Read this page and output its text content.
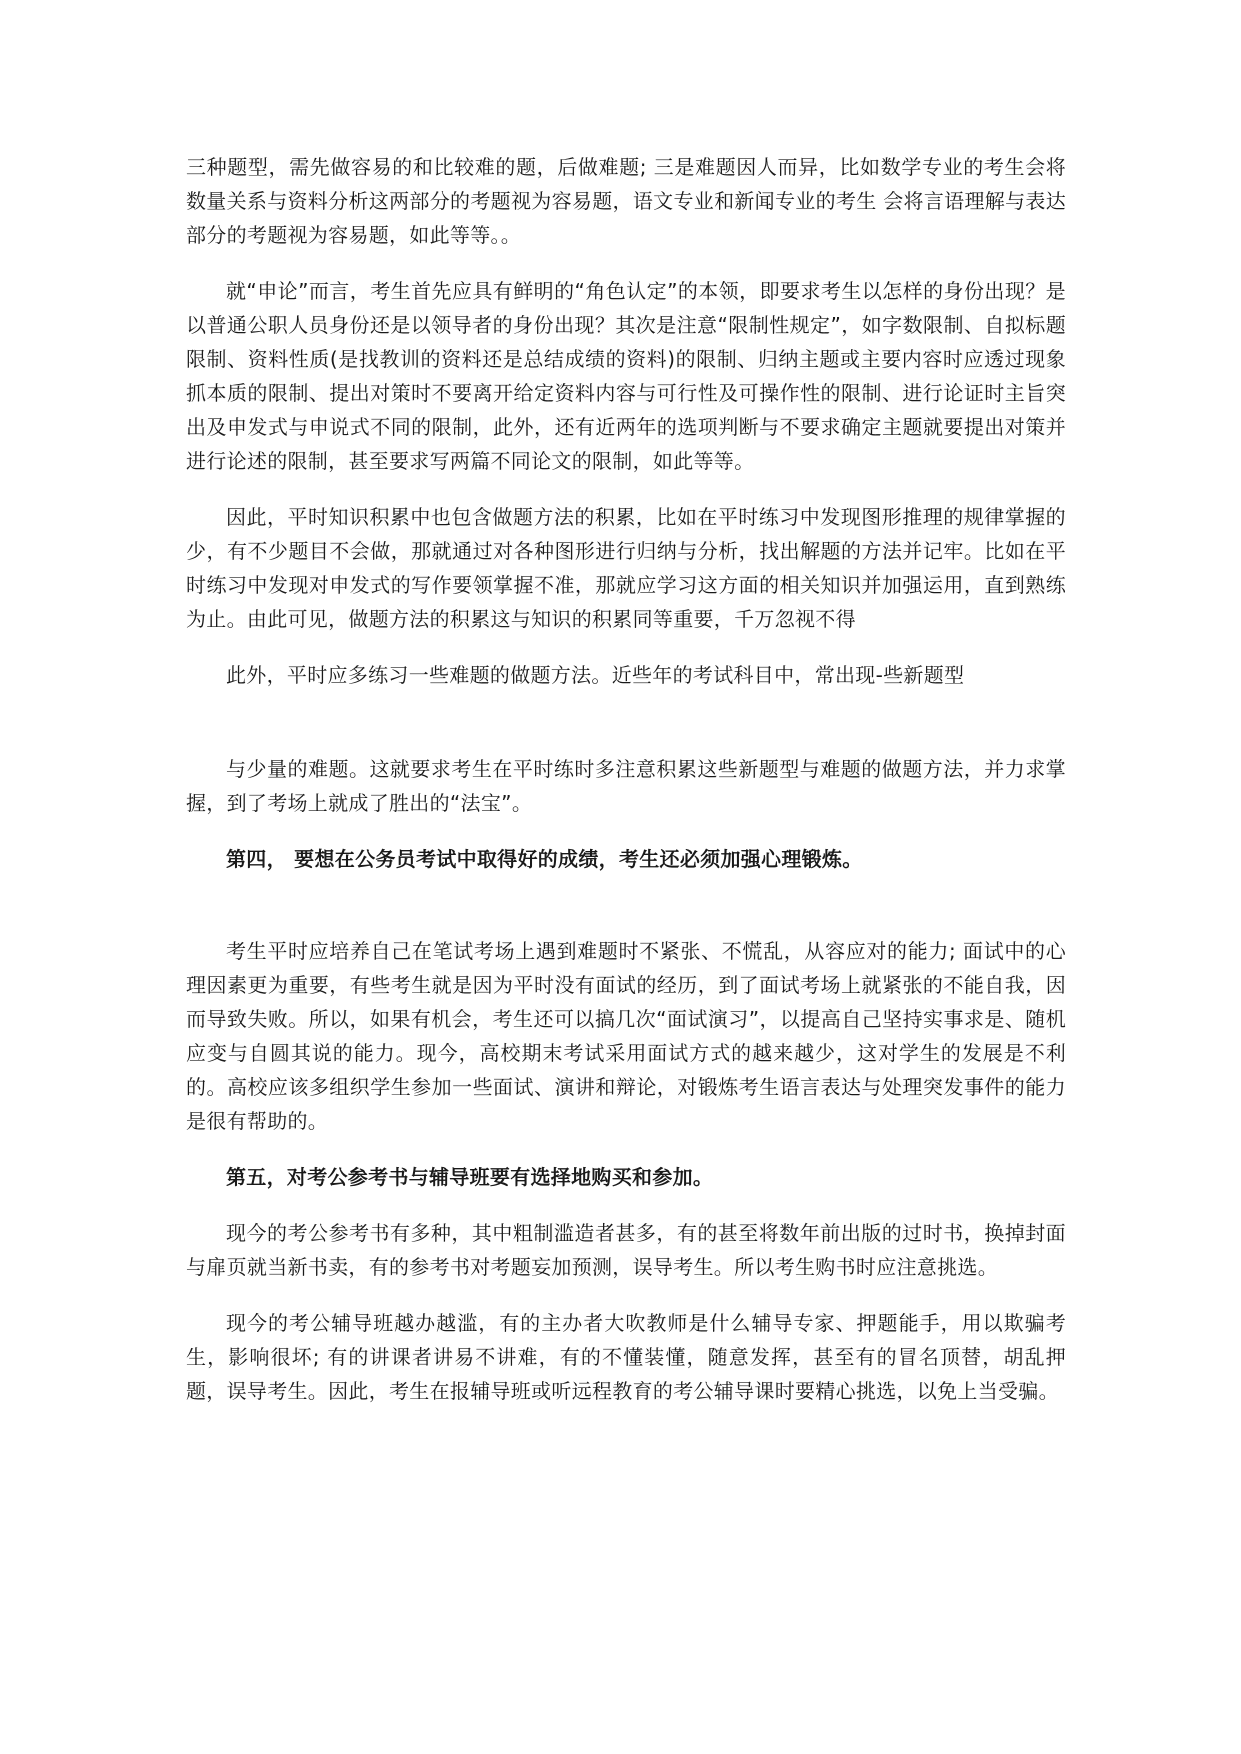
三种题型，需先做容易的和比较难的题，后做难题; 三是难题因人而异，比如数学专业的考生会将数量关系与资料分析这两部分的考题视为容易题，语文专业和新闻专业的考生 会将言语理解与表达部分的考题视为容易题，如此等等。。

就“申论”而言，考生首先应具有鲜明的“角色认定”的本领，即要求考生以怎样的身份出现？是以普通公职人员身份还是以领导者的身份出现？其次是注意“限制性规定”，如字数限制、自拟标题限制、资料性质(是找教训的资料还是总结成绩的资料)的限制、归纳主题或主要内容时应透过现象抓本质的限制、提出对策时不要离开给定资料内容与可行性及可操作性的限制、进行论证时主旨突出及申发式与申说式不同的限制，此外，还有近两年的选项判断与不要求确定主题就要提出对策并进行论述的限制，甚至要求写两篇不同论文的限制，如此等等。

因此，平时知识积累中也包含做题方法的积累，比如在平时练习中发现图形推理的规律掌握的少，有不少题目不会做，那就通过对各种图形进行归纳与分析，找出解题的方法并记牢。比如在平时练习中发现对申发式的写作要领掌握不准，那就应学习这方面的相关知识并加强运用，直到熟练为止。由此可见，做题方法的积累这与知识的积累同等重要，千万忽视不得

此外，平时应多练习一些难题的做题方法。近些年的考试科目中，常出现-些新题型

与少量的难题。这就要求考生在平时练时多注意积累这些新题型与难题的做题方法，并力求掌握，到了考场上就成了胜出的“法宝”。

第四， 要想在公务员考试中取得好的成绩，考生还必须加强心理锻炼。

考生平时应培养自己在笔试考场上遇到难题时不紧张、不慌乱，从容应对的能力; 面试中的心理因素更为重要，有些考生就是因为平时没有面试的经历，到了面试考场上就紧张的不能自我，因而导致失败。所以，如果有机会，考生还可以搞几次“面试演习”，以提高自己坚持实事求是、随机应变与自圆其说的能力。现今，高校期末考试采用面试方式的越来越少，这对学生的发展是不利的。高校应该多组织学生参加一些面试、演讲和辩论，对锻炼考生语言表达与处理突发事件的能力是很有帮助的。

第五，对考公参考书与辅导班要有选择地购买和参加。

现今的考公参考书有多种，其中粗制滥造者甚多，有的甚至将数年前出版的过时书，换掉封面与扉页就当新书卖，有的参考书对考题妄加预测，误导考生。所以考生购书时应注意挑选。

现今的考公辅导班越办越滥，有的主办者大吹教师是什么辅导专家、押题能手，用以欺骗考生，影响很坏; 有的讲课者讲易不讲难，有的不懂装懂，随意发挥，甚至有的冒名顶替，胡乱押题，误导考生。因此，考生在报辅导班或听远程教育的考公辅导课时要精心挑选，以免上当受骗。
